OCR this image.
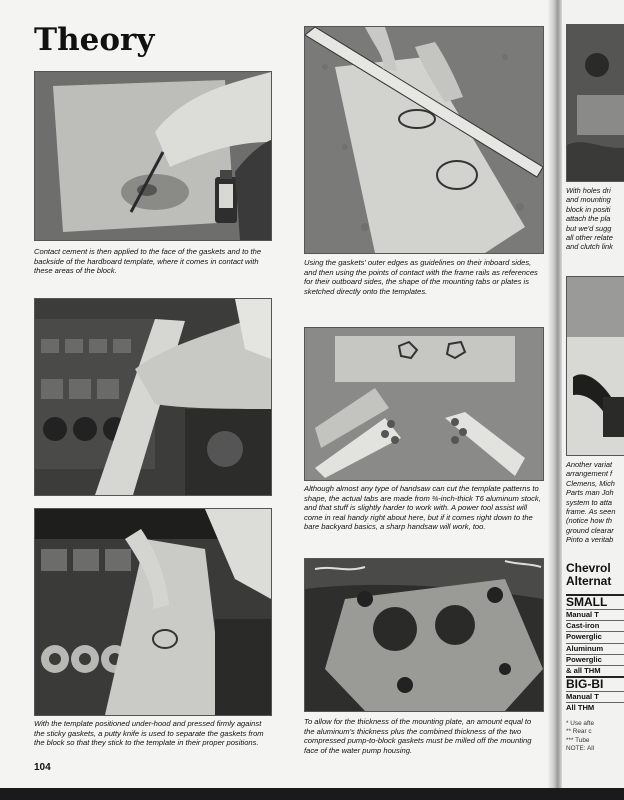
Theory

Contact cement is then applied to the face of the gaskets and to the backside of the hardboard template, where it comes in contact with these areas of the block.

Using the gaskets' outer edges as guidelines on their inboard sides, and then using the points of contact with the frame rails as references for their outboard sides, the shape of the mounting tabs or plates is sketched directly onto the templates.

Although almost any type of handsaw can cut the template patterns to shape, the actual tabs are made from ⅜-inch-thick T6 aluminum stock, and that stuff is slightly harder to work with. A power tool assist will come in real handy right about here, but if it comes right down to the bare backyard basics, a sharp handsaw will work, too.

With the template positioned under-hood and pressed firmly against the sticky gaskets, a putty knife is used to separate the gaskets from the block so that they stick to the template in their proper positions.

To allow for the thickness of the mounting plate, an amount equal to the aluminum's thickness plus the combined thickness of the two compressed pump-to-block gaskets must be milled off the mounting face of the water pump housing.

104

With holes dri
and mounting
block in positi
attach the pla
but we'd sugg
all other relate
and clutch link

Another variat
arrangement f
Clemens, Mich
Parts man Joh
system to atta
frame. As seen
(notice how th
ground clearar
Pinto a veritab

Chevrol
Alternat

SMALL
Manual T
Cast-iron
Powerglic
Aluminum
Powerglic
& all THM
BIG-BI
Manual T
All THM

* Use afte
** Rear c
*** Tube
NOTE: All
